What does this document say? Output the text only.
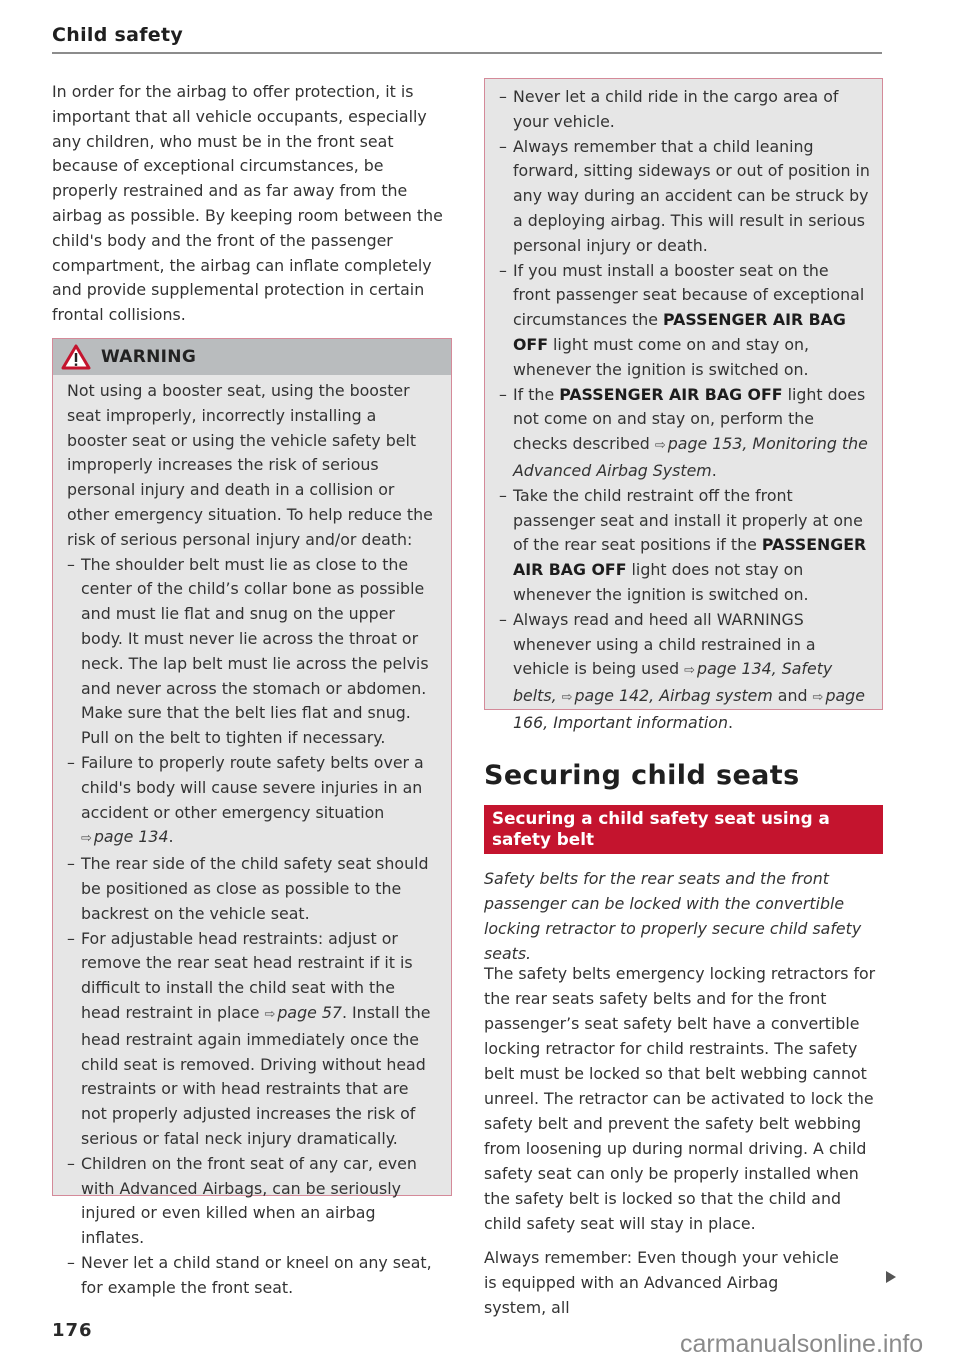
Child safety

In order for the airbag to offer protection, it is important that all vehicle occupants, especially any children, who must be in the front seat because of exceptional circumstances, be properly restrained and as far away from the airbag as possible. By keeping room between the child's body and the front of the passenger compartment, the airbag can inflate completely and provide supplemental protection in certain frontal collisions.

WARNING

Not using a booster seat, using the booster seat improperly, incorrectly installing a booster seat or using the vehicle safety belt improperly increases the risk of serious personal injury and death in a collision or other emergency situation. To help reduce the risk of serious personal injury and/or death:

– The shoulder belt must lie as close to the center of the child’s collar bone as possible and must lie flat and snug on the upper body. It must never lie across the throat or neck. The lap belt must lie across the pelvis and never across the stomach or abdomen. Make sure that the belt lies flat and snug. Pull on the belt to tighten if necessary.
– Failure to properly route safety belts over a child's body will cause severe injuries in an accident or other emergency situation ⇨ page 134.
– The rear side of the child safety seat should be positioned as close as possible to the backrest on the vehicle seat.
– For adjustable head restraints: adjust or remove the rear seat head restraint if it is difficult to install the child seat with the head restraint in place ⇨ page 57. Install the head restraint again immediately once the child seat is removed. Driving without head restraints or with head restraints that are not properly adjusted increases the risk of serious or fatal neck injury dramatically.
– Children on the front seat of any car, even with Advanced Airbags, can be seriously injured or even killed when an airbag inflates.
– Never let a child stand or kneel on any seat, for example the front seat.
– Never let a child ride in the cargo area of your vehicle.
– Always remember that a child leaning forward, sitting sideways or out of position in any way during an accident can be struck by a deploying airbag. This will result in serious personal injury or death.
– If you must install a booster seat on the front passenger seat because of exceptional circumstances the PASSENGER AIR BAG OFF light must come on and stay on, whenever the ignition is switched on.
– If the PASSENGER AIR BAG OFF light does not come on and stay on, perform the checks described ⇨ page 153, Monitoring the Advanced Airbag System.
– Take the child restraint off the front passenger seat and install it properly at one of the rear seat positions if the PASSENGER AIR BAG OFF light does not stay on whenever the ignition is switched on.
– Always read and heed all WARNINGS whenever using a child restrained in a vehicle is being used ⇨ page 134, Safety belts, ⇨ page 142, Airbag system and ⇨ page 166, Important information.
Securing child seats
Securing a child safety seat using a safety belt

Safety belts for the rear seats and the front passenger can be locked with the convertible locking retractor to properly secure child safety seats.

The safety belts emergency locking retractors for the rear seats safety belts and for the front passenger’s seat safety belt have a convertible locking retractor for child restraints. The safety belt must be locked so that belt webbing cannot unreel. The retractor can be activated to lock the safety belt and prevent the safety belt webbing from loosening up during normal driving. A child safety seat can only be properly installed when the safety belt is locked so that the child and child safety seat will stay in place.

Always remember: Even though your vehicle is equipped with an Advanced Airbag system, all

176	carmanualsonline.info
